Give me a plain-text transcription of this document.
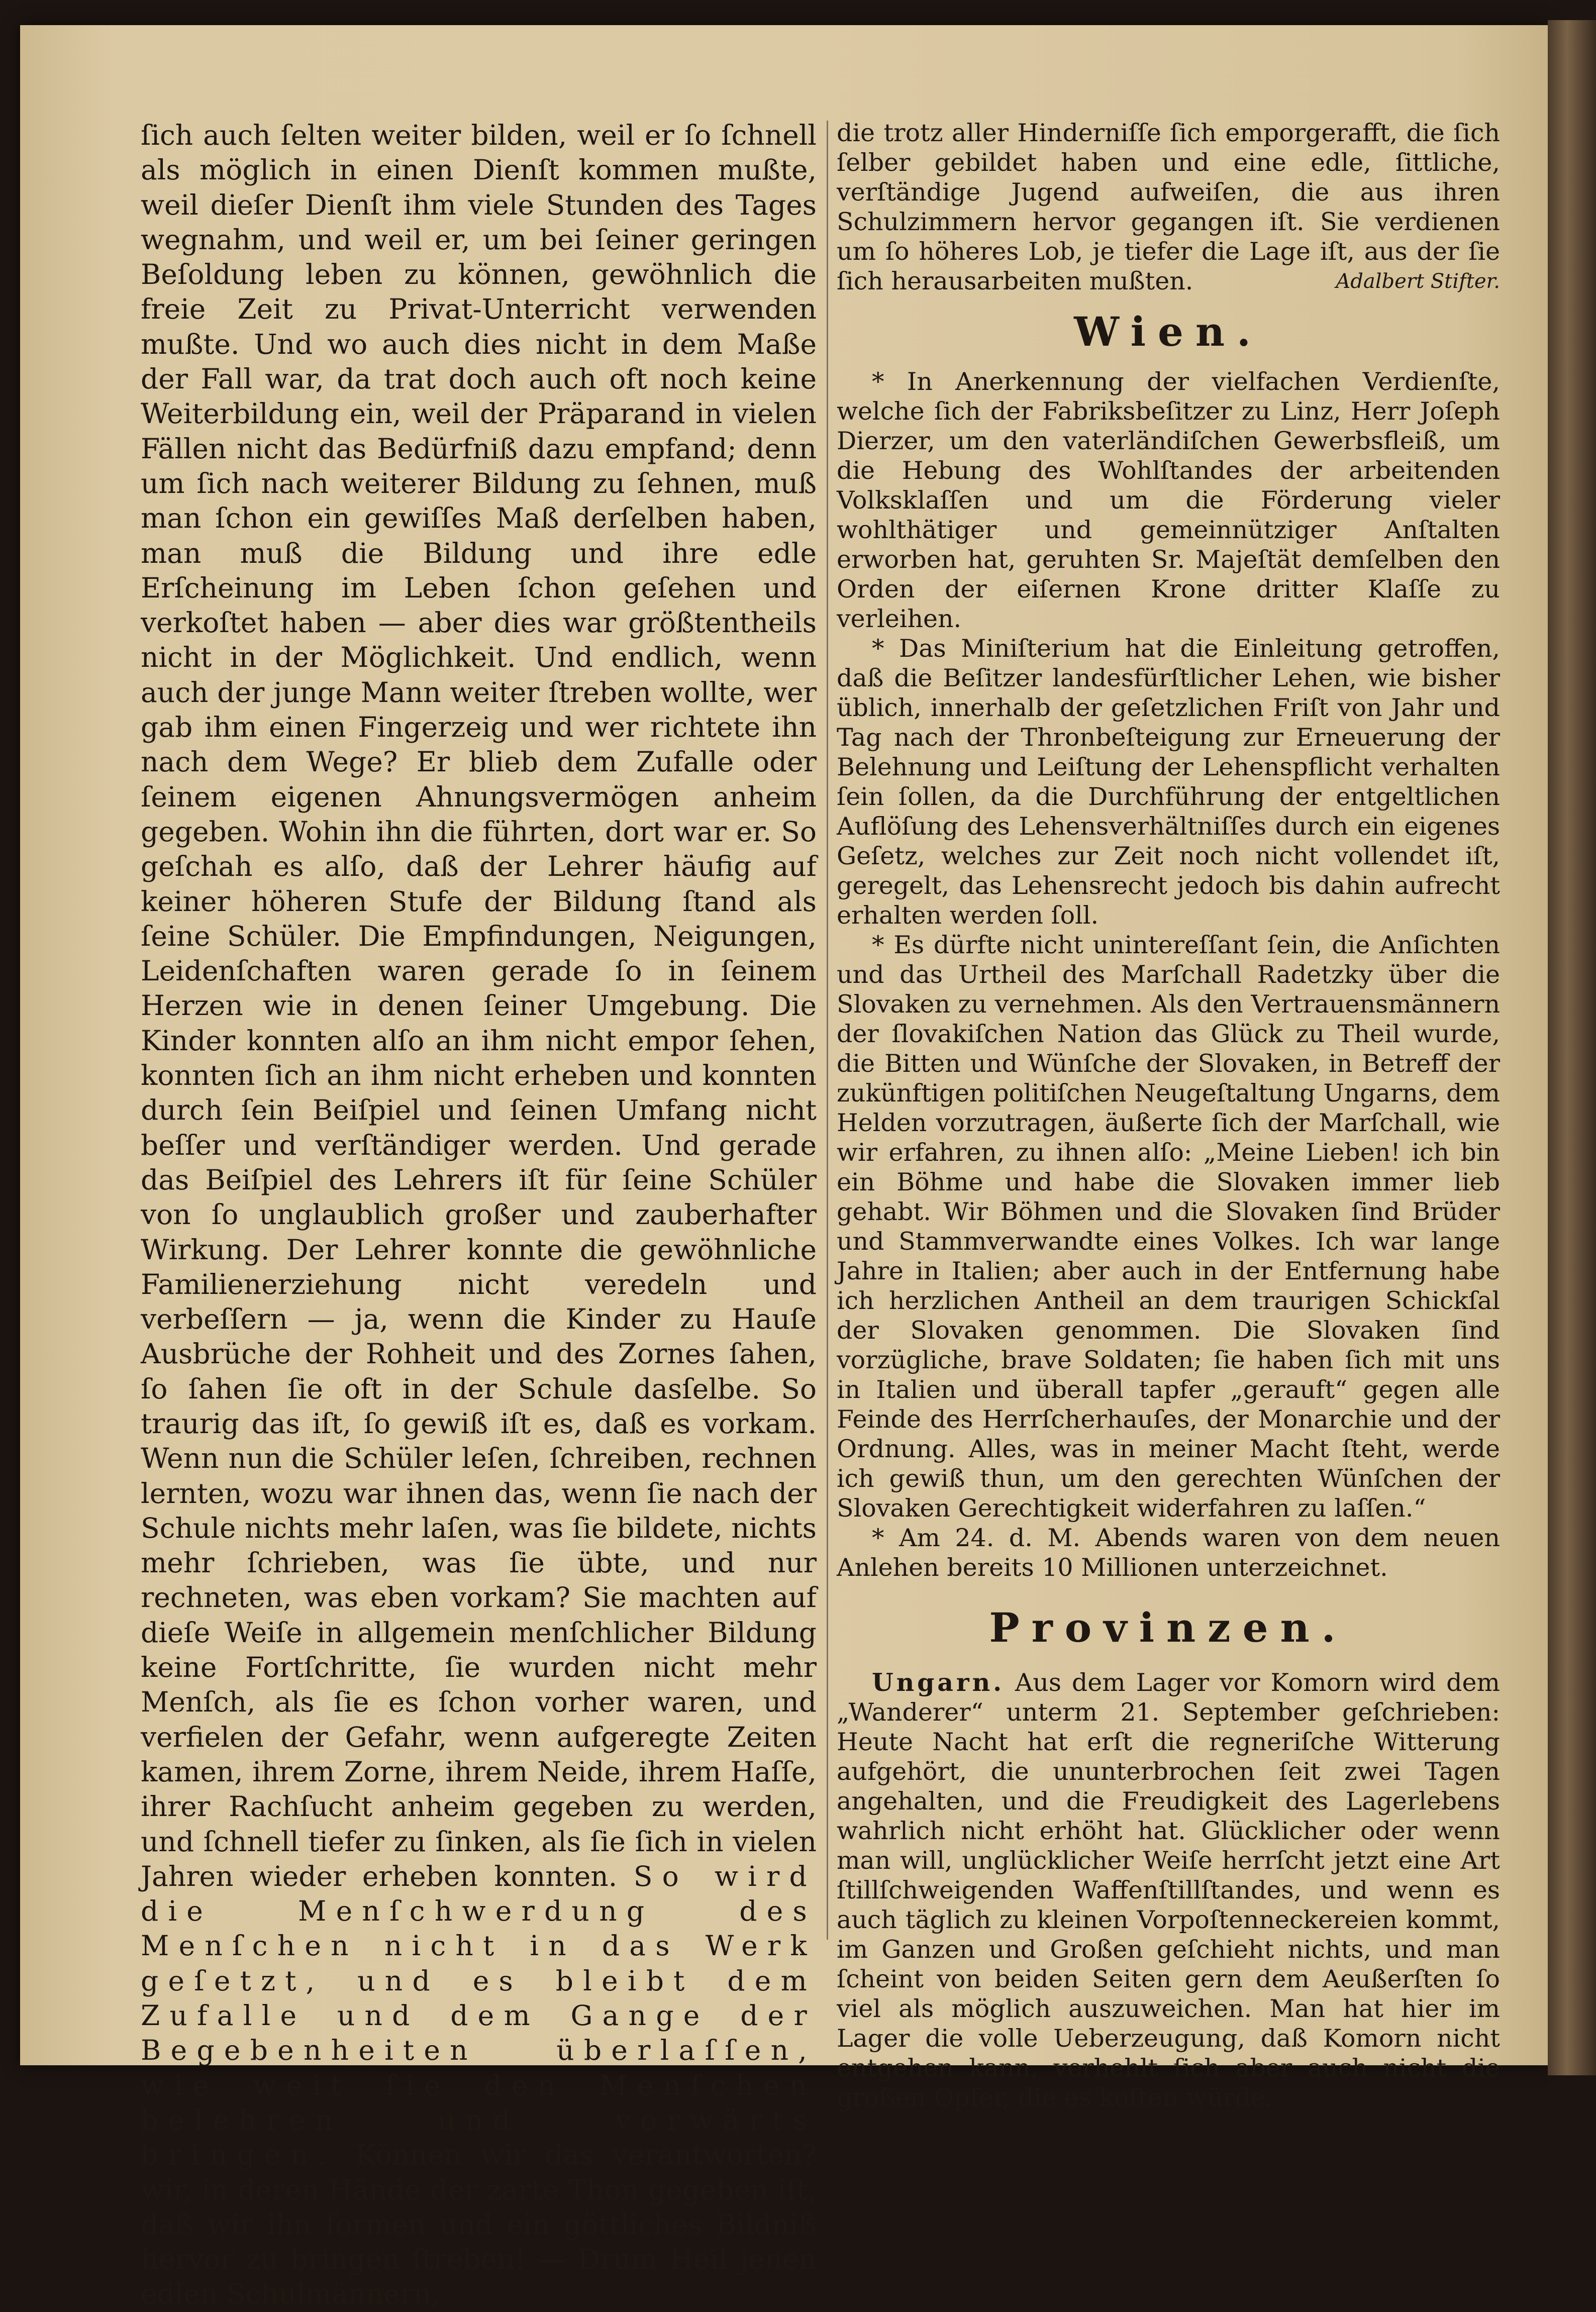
ſich auch ſelten weiter bilden, weil er ſo ſchnell als möglich in einen Dienſt kommen mußte, weil dieſer Dienſt ihm viele Stunden des Tages wegnahm, und weil er, um bei ſeiner geringen Beſoldung leben zu können, gewöhnlich die freie Zeit zu Privat-Unterricht verwenden mußte. Und wo auch dies nicht in dem Maße der Fall war, da trat doch auch oft noch keine Weiterbildung ein, weil der Präparand in vielen Fällen nicht das Bedürfniß dazu empfand; denn um ſich nach weiterer Bildung zu ſehnen, muß man ſchon ein gewiſſes Maß derſelben haben, man muß die Bildung und ihre edle Erſcheinung im Leben ſchon geſehen und verkoſtet haben — aber dies war größtentheils nicht in der Möglichkeit. Und endlich, wenn auch der junge Mann weiter ſtreben wollte, wer gab ihm einen Fingerzeig und wer richtete ihn nach dem Wege? Er blieb dem Zufalle oder ſeinem eigenen Ahnungsvermögen anheim gegeben. Wohin ihn die führten, dort war er. So geſchah es alſo, daß der Lehrer häufig auf keiner höheren Stufe der Bildung ſtand als ſeine Schüler. Die Empfindungen, Neigungen, Leidenſchaften waren gerade ſo in ſeinem Herzen wie in denen ſeiner Umgebung. Die Kinder konnten alſo an ihm nicht empor ſehen, konnten ſich an ihm nicht erheben und konnten durch ſein Beiſpiel und ſeinen Umfang nicht beſſer und verſtändiger werden. Und gerade das Beiſpiel des Lehrers iſt für ſeine Schüler von ſo unglaublich großer und zauberhafter Wirkung. Der Lehrer konnte die gewöhnliche Familienerziehung nicht veredeln und verbeſſern — ja, wenn die Kinder zu Hauſe Ausbrüche der Rohheit und des Zornes ſahen, ſo ſahen ſie oft in der Schule dasſelbe. So traurig das iſt, ſo gewiß iſt es, daß es vorkam. Wenn nun die Schüler leſen, ſchreiben, rechnen lernten, wozu war ihnen das, wenn ſie nach der Schule nichts mehr laſen, was ſie bildete, nichts mehr ſchrieben, was ſie übte, und nur rechneten, was eben vorkam? Sie machten auf dieſe Weiſe in allgemein menſchlicher Bildung keine Fortſchritte, ſie wurden nicht mehr Menſch, als ſie es ſchon vorher waren, und verfielen der Gefahr, wenn aufgeregte Zeiten kamen, ihrem Zorne, ihrem Neide, ihrem Haſſe, ihrer Rachſucht anheim gegeben zu werden, und ſchnell tiefer zu ſinken, als ſie ſich in vielen Jahren wieder erheben konnten. So wird die Menſchwerdung des Menſchen nicht in das Werk geſetzt, und es bleibt dem Zufalle und dem Gange der Begebenheiten überlaſſen, wie weit ſie den Menſchen belehren und vorwärts bringen. Können wir das verantworten? wir, in deren Hände der zarte Thon gegeben iſt, daß wir ihn formen und ein göttliches Bildniß hervor zu bringen ſtreben! — Drum Heil jenen edlen Schulmännern,

die trotz aller Hinderniſſe ſich emporgerafft, die ſich ſelber gebildet haben und eine edle, ſittliche, verſtändige Jugend aufweiſen, die aus ihren Schulzimmern hervor gegangen iſt. Sie verdienen um ſo höheres Lob, je tiefer die Lage iſt, aus der ſie ſich herausarbeiten mußten.	Adalbert Stifter.

Wien.

* In Anerkennung der vielfachen Verdienſte, welche ſich der Fabriksbeſitzer zu Linz, Herr Joſeph Dierzer, um den vaterländiſchen Gewerbsfleiß, um die Hebung des Wohlſtandes der arbeitenden Volksklaſſen und um die Förderung vieler wohlthätiger und gemeinnütziger Anſtalten erworben hat, geruhten Sr. Majeſtät demſelben den Orden der eiſernen Krone dritter Klaſſe zu verleihen.

* Das Miniſterium hat die Einleitung getroffen, daß die Beſitzer landesfürſtlicher Lehen, wie bisher üblich, innerhalb der geſetzlichen Friſt von Jahr und Tag nach der Thronbeſteigung zur Erneuerung der Belehnung und Leiſtung der Lehenspflicht verhalten ſein ſollen, da die Durchführung der entgeltlichen Auflöſung des Lehensverhältniſſes durch ein eigenes Geſetz, welches zur Zeit noch nicht vollendet iſt, geregelt, das Lehensrecht jedoch bis dahin aufrecht erhalten werden ſoll.

* Es dürfte nicht unintereſſant ſein, die Anſichten und das Urtheil des Marſchall Radetzky über die Slovaken zu vernehmen. Als den Vertrauensmännern der ſlovakiſchen Nation das Glück zu Theil wurde, die Bitten und Wünſche der Slovaken, in Betreff der zukünftigen politiſchen Neugeſtaltung Ungarns, dem Helden vorzutragen, äußerte ſich der Marſchall, wie wir erfahren, zu ihnen alſo: „Meine Lieben! ich bin ein Böhme und habe die Slovaken immer lieb gehabt. Wir Böhmen und die Slovaken ſind Brüder und Stammverwandte eines Volkes. Ich war lange Jahre in Italien; aber auch in der Entfernung habe ich herzlichen Antheil an dem traurigen Schickſal der Slovaken genommen. Die Slovaken ſind vorzügliche, brave Soldaten; ſie haben ſich mit uns in Italien und überall tapfer „gerauft“ gegen alle Feinde des Herrſcherhauſes, der Monarchie und der Ordnung. Alles, was in meiner Macht ſteht, werde ich gewiß thun, um den gerechten Wünſchen der Slovaken Gerechtigkeit widerfahren zu laſſen.“

* Am 24. d. M. Abends waren von dem neuen Anlehen bereits 10 Millionen unterzeichnet.

Provinzen.

Ungarn. Aus dem Lager vor Komorn wird dem „Wanderer“ unterm 21. September geſchrieben: Heute Nacht hat erſt die regneriſche Witterung aufgehört, die ununterbrochen ſeit zwei Tagen angehalten, und die Freudigkeit des Lagerlebens wahrlich nicht erhöht hat. Glücklicher oder wenn man will, unglücklicher Weiſe herrſcht jetzt eine Art ſtillſchweigenden Waffenſtillſtandes, und wenn es auch täglich zu kleinen Vorpoſtenneckereien kommt, im Ganzen und Großen geſchieht nichts, und man ſcheint von beiden Seiten gern dem Aeußerſten ſo viel als möglich auszuweichen. Man hat hier im Lager die volle Ueberzeugung, daß Komorn nicht entgehen kann, verhehlt ſich aber auch nicht die großen Opfer, die es koſten würde.
